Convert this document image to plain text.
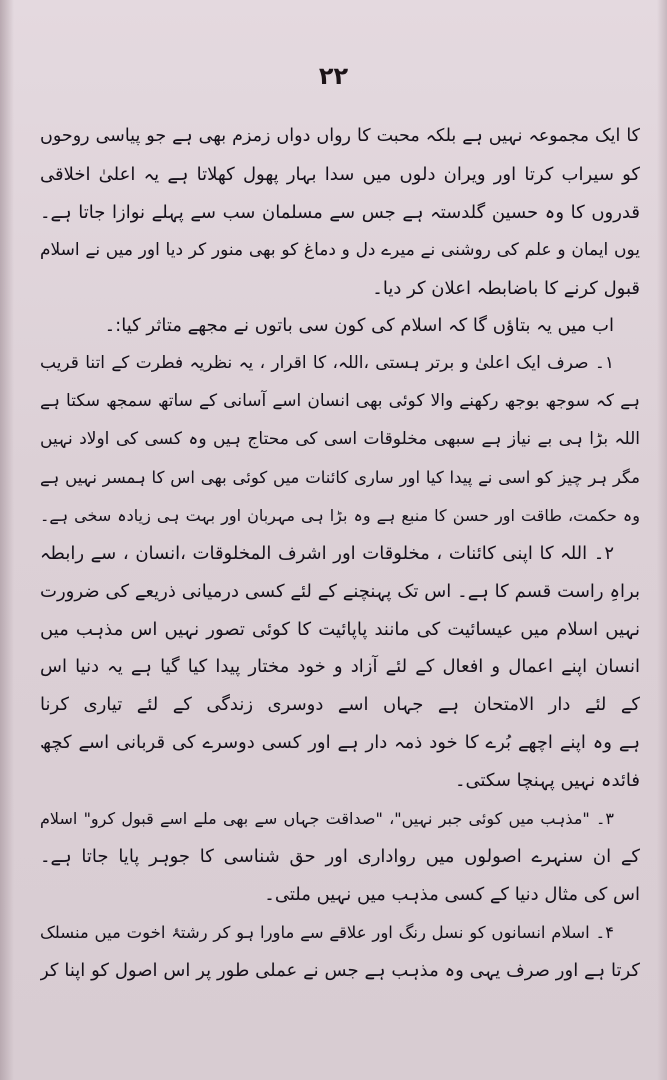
۲۲
کا ایک مجموعہ نہیں ہے بلکہ محبت کا رواں دواں زمزم بھی ہے جو پیاسی روحوں
کو سیراب کرتا اور ویران دلوں میں سدا بہار پھول کھلاتا ہے یہ اعلیٰ اخلاقی
قدروں کا وہ حسین گلدستہ ہے جس سے مسلمان سب سے پہلے نوازا جاتا ہے۔
یوں ایمان و علم کی روشنی نے میرے دل و دماغ کو بھی منور کر دیا اور میں نے اسلام
قبول کرنے کا باضابطہ اعلان کر دیا۔
اب میں یہ بتاؤں گا کہ اسلام کی کون سی باتوں نے مجھے متاثر کیا:۔
۱۔ صرف ایک اعلیٰ و برتر ہستی ،اللہ، کا اقرار ، یہ نظریہ فطرت کے اتنا قریب
ہے کہ سوجھ بوجھ رکھنے والا کوئی بھی انسان اسے آسانی کے ساتھ سمجھ سکتا ہے
اللہ بڑا ہی بے نیاز ہے سبھی مخلوقات اسی کی محتاج ہیں وہ کسی کی اولاد نہیں
مگر ہر چیز کو اسی نے پیدا کیا اور ساری کائنات میں کوئی بھی اس کا ہمسر نہیں ہے
وہ حکمت، طاقت اور حسن کا منبع ہے وہ بڑا ہی مہربان اور بہت ہی زیادہ سخی ہے۔
۲۔ اللہ کا اپنی کائنات ، مخلوقات اور اشرف المخلوقات ،انسان ، سے رابطہ
براہِ راست قسم کا ہے۔ اس تک پہنچنے کے لئے کسی درمیانی ذریعے کی ضرورت
نہیں اسلام میں عیسائیت کی مانند پاپائیت کا کوئی تصور نہیں اس مذہب میں
انسان اپنے اعمال و افعال کے لئے آزاد و خود مختار پیدا کیا گیا ہے یہ دنیا اس
کے لئے دار الامتحان ہے جہاں اسے دوسری زندگی کے لئے تیاری کرنا
ہے وہ اپنے اچھے بُرے کا خود ذمہ دار ہے اور کسی دوسرے کی قربانی اسے کچھ
فائدہ نہیں پہنچا سکتی۔
۳۔ "مذہب میں کوئی جبر نہیں"، "صداقت جہاں سے بھی ملے اسے قبول کرو" اسلام
کے ان سنہرے اصولوں میں رواداری اور حق شناسی کا جوہر پایا جاتا ہے۔
اس کی مثال دنیا کے کسی مذہب میں نہیں ملتی۔
۴۔ اسلام انسانوں کو نسل رنگ اور علاقے سے ماورا ہو کر رشتۂ اخوت میں منسلک
کرتا ہے اور صرف یہی وہ مذہب ہے جس نے عملی طور پر اس اصول کو اپنا کر
